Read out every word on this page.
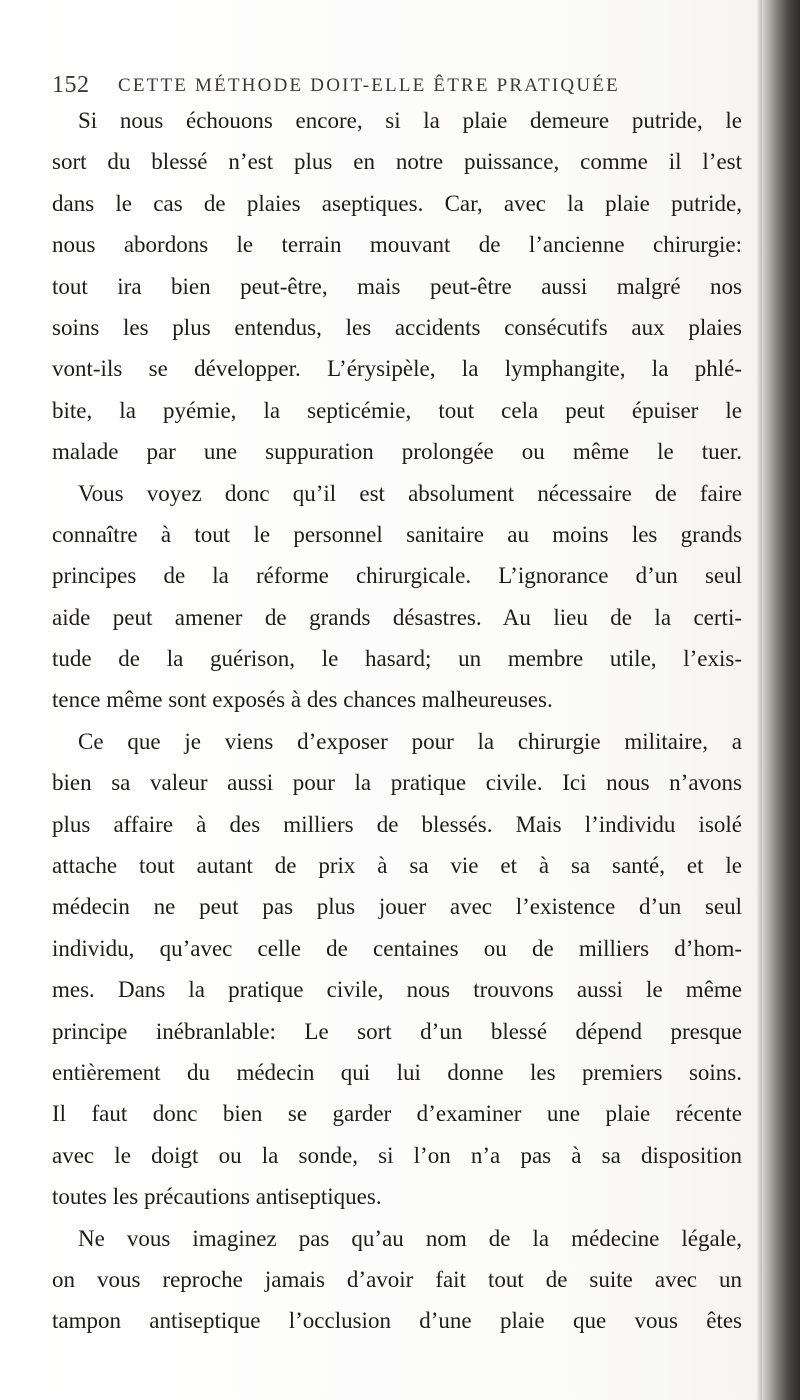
152 CETTE MÉTHODE DOIT-ELLE ÊTRE PRATIQUÉE
Si nous échouons encore, si la plaie demeure putride, le
sort du blessé n’est plus en notre puissance, comme il l’est
dans le cas de plaies aseptiques. Car, avec la plaie putride,
nous abordons le terrain mouvant de l’ancienne chirurgie:
tout ira bien peut-être, mais peut-être aussi malgré nos
soins les plus entendus, les accidents consécutifs aux plaies
vont-ils se développer. L’érysipèle, la lymphangite, la phlé-
bite, la pyémie, la septicémie, tout cela peut épuiser le
malade par une suppuration prolongée ou même le tuer.
Vous voyez donc qu’il est absolument nécessaire de faire
connaître à tout le personnel sanitaire au moins les grands
principes de la réforme chirurgicale. L’ignorance d’un seul
aide peut amener de grands désastres. Au lieu de la certi-
tude de la guérison, le hasard; un membre utile, l’exis-
tence même sont exposés à des chances malheureuses.
Ce que je viens d’exposer pour la chirurgie militaire, a
bien sa valeur aussi pour la pratique civile. Ici nous n’avons
plus affaire à des milliers de blessés. Mais l’individu isolé
attache tout autant de prix à sa vie et à sa santé, et le
médecin ne peut pas plus jouer avec l’existence d’un seul
individu, qu’avec celle de centaines ou de milliers d’hom-
mes. Dans la pratique civile, nous trouvons aussi le même
principe inébranlable: Le sort d’un blessé dépend presque
entièrement du médecin qui lui donne les premiers soins.
Il faut donc bien se garder d’examiner une plaie récente
avec le doigt ou la sonde, si l’on n’a pas à sa disposition
toutes les précautions antiseptiques.
Ne vous imaginez pas qu’au nom de la médecine légale,
on vous reproche jamais d’avoir fait tout de suite avec un
tampon antiseptique l’occlusion d’une plaie que vous êtes
